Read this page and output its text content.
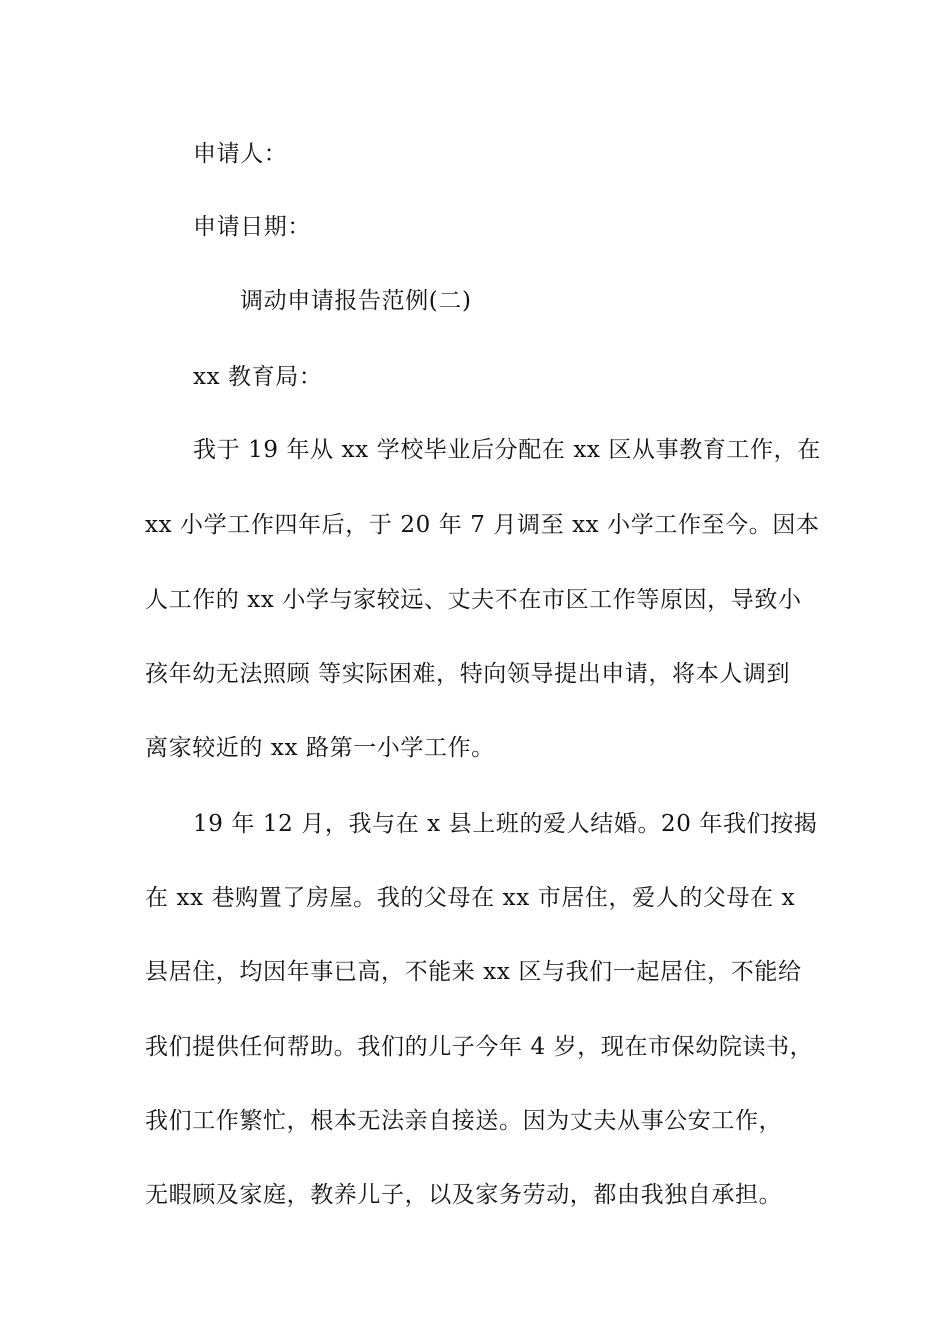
申请人：
申请日期：
调动申请报告范例(二)
xx 教育局：
我于 19 年从 xx 学校毕业后分配在 xx 区从事教育工作，在
xx 小学工作四年后，于 20 年 7 月调至 xx 小学工作至今。因本
人工作的 xx 小学与家较远、丈夫不在市区工作等原因，导致小
孩年幼无法照顾 等实际困难，特向领导提出申请，将本人调到
离家较近的 xx 路第一小学工作。
19 年 12 月，我与在 x 县上班的爱人结婚。20 年我们按揭
在 xx 巷购置了房屋。我的父母在 xx 市居住，爱人的父母在 x
县居住，均因年事已高，不能来 xx 区与我们一起居住，不能给
我们提供任何帮助。我们的儿子今年 4 岁，现在市保幼院读书，
我们工作繁忙，根本无法亲自接送。因为丈夫从事公安工作，
无暇顾及家庭，教养儿子，以及家务劳动，都由我独自承担。
